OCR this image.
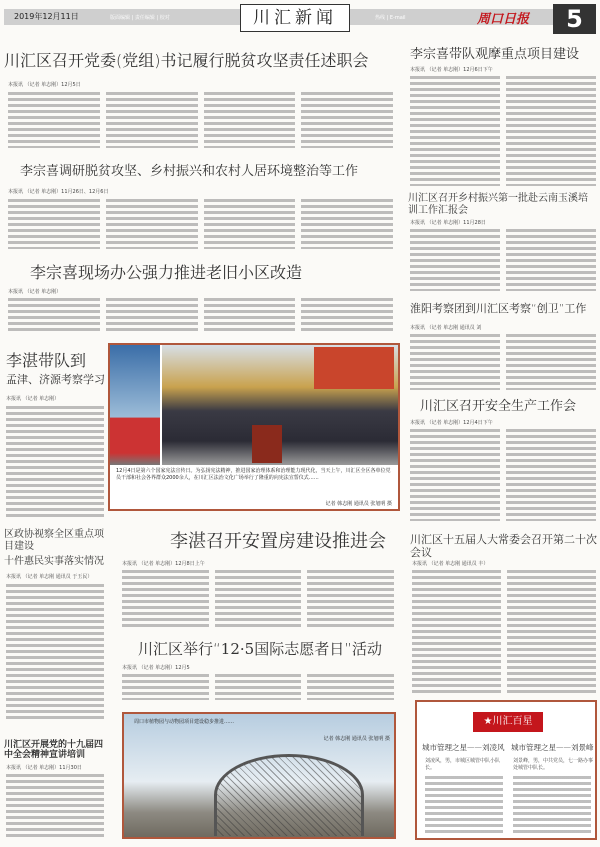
2019年12月11日	版面编辑 | 责任编辑 | 校对	热线 | E-mail
川汇新闻	周口日报	5
川汇区召开党委(党组)书记履行脱贫攻坚责任述职会
本报讯 （记者 单志刚）12月5日
李宗喜调研脱贫攻坚、乡村振兴和农村人居环境整治等工作
本报讯 （记者 单志刚）11月26日、12月6日
李宗喜现场办公强力推进老旧小区改造
本报讯 （记者 单志刚）
李宗喜带队观摩重点项目建设
本报讯 （记者 单志刚）12月6日下午
川汇区召开乡村振兴第一批赴云南玉溪培训工作汇报会
本报讯 （记者 单志刚）11月28日
淮阳考察团到川汇区考察“创卫”工作
本报讯 （记者 单志刚 通讯员 刘
川汇区召开安全生产工作会
本报讯 （记者 单志刚）12月4日下午
李湛带队到
孟津、济源考察学习
本报讯 （记者 单志刚）
12月4日是第六个国家宪法宣传日。为弘扬宪法精神，推进国家治理体系和治理能力现代化，当天上午，川汇区全区各单位党员干部和社会各界群众2000余人，在川汇区法治文化广场举行了隆重的向宪法宣誓仪式……
记者 韩志刚 通讯员 张旭明 摄
区政协视察全区重点项目建设
十件惠民实事落实情况
本报讯 （记者 单志刚 通讯员 于玉民）
川汇区开展党的十九届四中全会精神宣讲培训
本报讯 （记者 单志刚）11月30日
李湛召开安置房建设推进会
本报讯 （记者 单志刚）12月8日上午
川汇区举行“12·5国际志愿者日”活动
本报讯 （记者 单志刚）12月5
周口市植物园与动物园项目建设稳步推进……
记者 韩志刚 通讯员 张旭明 摄
川汇区十五届人大常委会召开第二十次会议
本报讯 （记者 单志刚 通讯员 丰）
★川汇百星
城市管理之星——刘凌风 城市管理之星——刘景峰
刘凌风，男，市城区城管中队小队长。
刘景峰，男，中共党员，七一路办事处城管中队长。
